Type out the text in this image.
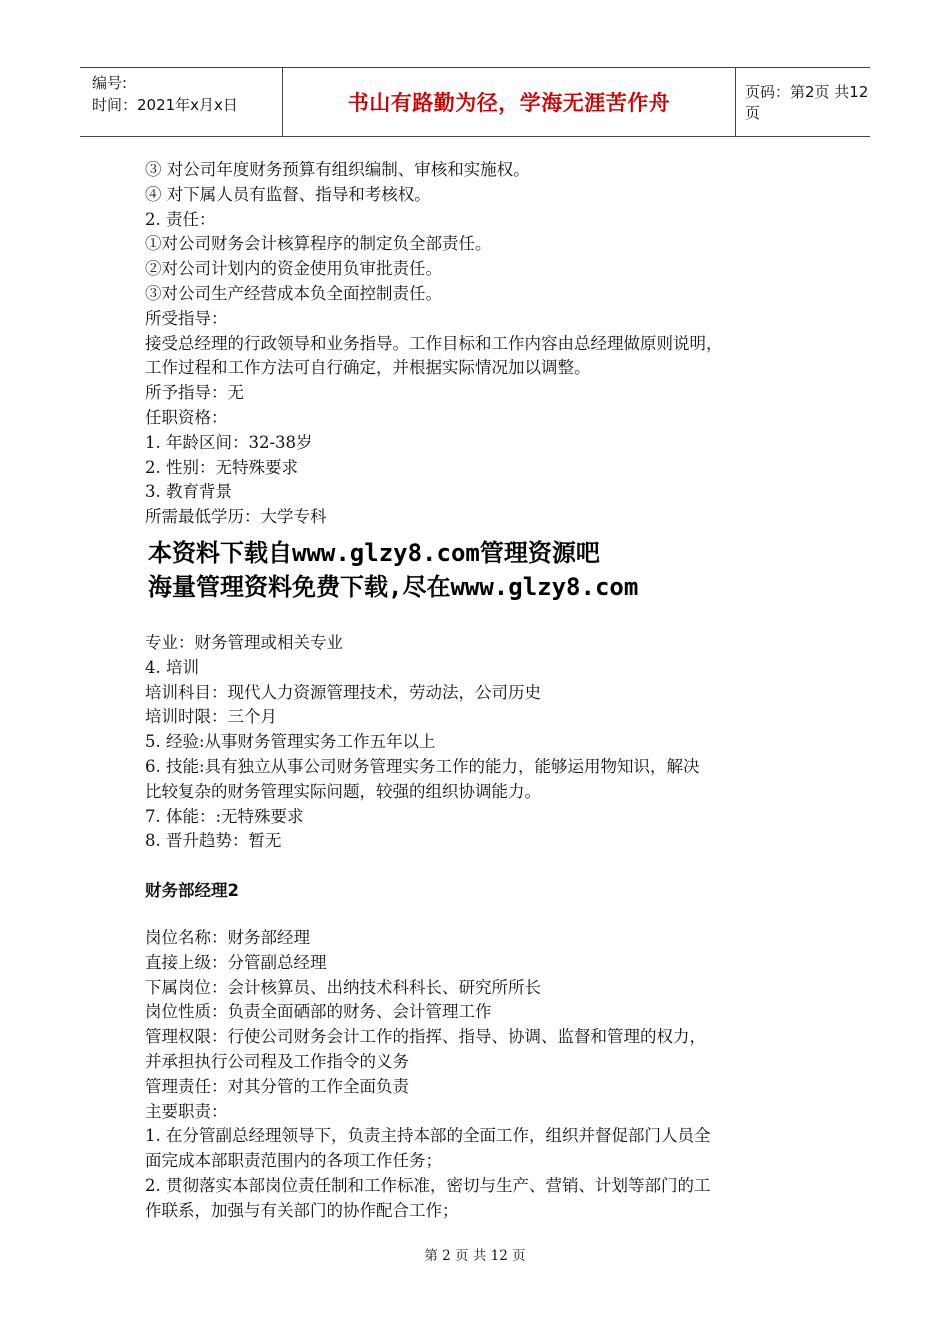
编号:
时间：2021年x月x日	书山有路勤为径，学海无涯苦作舟	页码：第2页 共12页
③ 对公司年度财务预算有组织编制、审核和实施权。
④ 对下属人员有监督、指导和考核权。
2. 责任：
①对公司财务会计核算程序的制定负全部责任。
②对公司计划内的资金使用负审批责任。
③对公司生产经营成本负全面控制责任。
所受指导：
接受总经理的行政领导和业务指导。工作目标和工作内容由总经理做原则说明，
工作过程和工作方法可自行确定，并根据实际情况加以调整。
所予指导：无
任职资格：
1. 年龄区间：32-38岁
2. 性别：无特殊要求
3. 教育背景
所需最低学历：大学专科
本资料下载自www.glzy8.com管理资源吧
海量管理资料免费下载,尽在www.glzy8.com
专业：财务管理或相关专业
4. 培训
培训科目：现代人力资源管理技术，劳动法，公司历史
培训时限：三个月
5. 经验:从事财务管理实务工作五年以上
6. 技能:具有独立从事公司财务管理实务工作的能力，能够运用物知识，解决
比较复杂的财务管理实际问题，较强的组织协调能力。
7. 体能：:无特殊要求
8. 晋升趋势：暂无
财务部经理2
岗位名称：财务部经理
直接上级：分管副总经理
下属岗位：会计核算员、出纳技术科科长、研究所所长
岗位性质：负责全面硒部的财务、会计管理工作
管理权限：行使公司财务会计工作的指挥、指导、协调、监督和管理的权力，
并承担执行公司程及工作指令的义务
管理责任：对其分管的工作全面负责
主要职责：
1. 在分管副总经理领导下，负责主持本部的全面工作，组织并督促部门人员全
面完成本部职责范围内的各项工作任务；
2. 贯彻落实本部岗位责任制和工作标准，密切与生产、营销、计划等部门的工
作联系，加强与有关部门的协作配合工作；
第 2 页 共 12 页
